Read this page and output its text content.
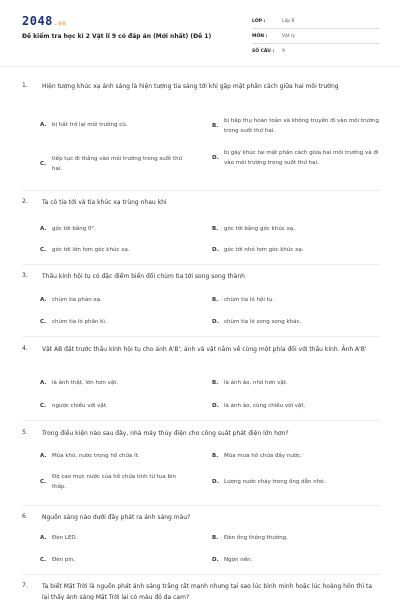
2048.vn
Đề kiểm tra học kì 2 Vật lí 9 có đáp án (Mới nhất) (Đề 1)
LỚP :	Lớp 9
MÔN :	Vật lý
SỐ CÂU :	9
1. Hiện tượng khúc xạ ánh sáng là hiện tượng tia sáng tới khi gặp mặt phân cách giữa hai môi trường
A.	bị hắt trở lại môi trường cũ.	B.
bị hấp thụ hoàn toàn và không truyền đi vào môi trường trong suốt thứ hai.
C.
tiếp tục đi thẳng vào môi trường trong suốt thứ hai.
D.
bị gãy khúc tại mặt phân cách giữa hai môi trường và đi vào môi trường trong suốt thứ hai.
2. Ta có tia tới và tia khúc xạ trùng nhau khi
A.	góc tới bằng 0⁰.	B.	góc tới bằng góc khúc xạ.
C.	góc tới lớn hơn góc khúc xạ.	D. góc tới nhỏ hơn góc khúc xạ.
3. Thấu kính hội tụ có đặc điểm biến đổi chùm tia tới song song thành
A.	chùm tia phản xạ.	B.	chùm tia ló hội tụ.
C.	chùm tia ló phân kì.	D. chùm tia ló song song khác.
4. Vật AB đặt trước thấu kính hội tụ cho ảnh A'B'; ảnh và vật nằm về cùng một phía đối với thấu kính. Ảnh A'B'
A.	là ảnh thật, lớn hơn vật.	B.	là ảnh ảo, nhỏ hơn vật.
C.	ngược chiều với vật.	D. là ảnh ảo, cùng chiều với vật.
5. Trong điều kiện nào sau đây, nhà máy thủy điện cho công suất phát điện lớn hơn?
A.	Mùa khô, nước trong hồ chứa ít.	B.	Mùa mưa hồ chứa đầy nước.
C.
Độ cao mực nước của hồ chứa tính từ tua bin thấp.
D. Lượng nước chảy trong ống dẫn nhỏ.
6. Nguồn sáng nào dưới đây phát ra ánh sáng màu?
A.	Đèn LED.	B.	Đèn ống thông thường.
C.	Đèn pin.	D. Ngọn nến.
7. Ta biết Mặt Trời là nguồn phát ánh sáng trắng rất mạnh nhưng tại sao lúc bình minh hoặc lúc hoàng hôn thì ta lại thấy ánh sáng Mặt Trời lại có màu đỏ da cam?
